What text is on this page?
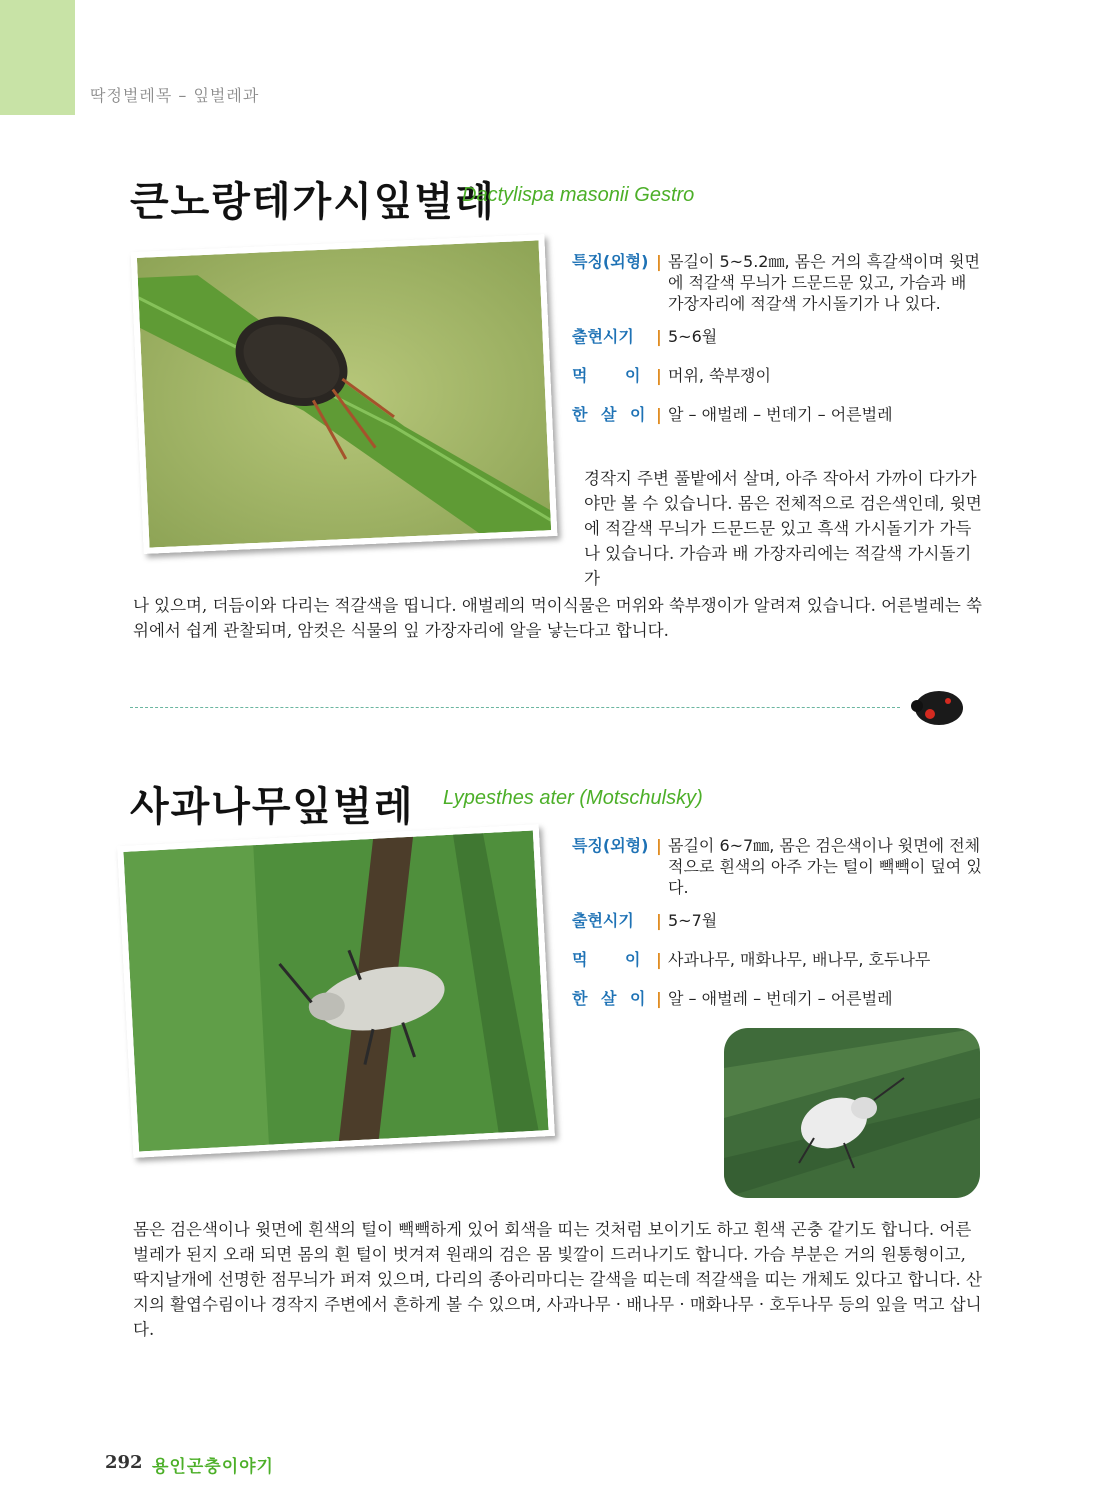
딱정벌레목 – 잎벌레과
큰노랑테가시잎벌레
Dactylispa masonii Gestro
특징(외형) | 몸길이 5~5.2㎜, 몸은 거의 흑갈색이며 윗면에 적갈색 무늬가 드문드문 있고, 가슴과 배 가장자리에 적갈색 가시돌기가 나 있다.
출현시기	| 5~6월
먹 이 | 머위, 쑥부쟁이
한 살 이 | 알 – 애벌레 – 번데기 – 어른벌레
경작지 주변 풀밭에서 살며, 아주 작아서 가까이 다가가야만 볼 수 있습니다. 몸은 전체적으로 검은색인데, 윗면에 적갈색 무늬가 드문드문 있고 흑색 가시돌기가 가득 나 있습니다. 가슴과 배 가장자리에는 적갈색 가시돌기가
나 있으며, 더듬이와 다리는 적갈색을 띱니다. 애벌레의 먹이식물은 머위와 쑥부쟁이가 알려져 있습니다. 어른벌레는 쑥 위에서 쉽게 관찰되며, 암컷은 식물의 잎 가장자리에 알을 낳는다고 합니다.
사과나무잎벌레 Lypesthes ater (Motschulsky)
특징(외형) | 몸길이 6~7㎜, 몸은 검은색이나 윗면에 전체적으로 흰색의 아주 가는 털이 빽빽이 덮여 있다.
출현시기	| 5~7월
먹 이 | 사과나무, 매화나무, 배나무, 호두나무
한 살 이 | 알 – 애벌레 – 번데기 – 어른벌레
몸은 검은색이나 윗면에 흰색의 털이 빽빽하게 있어 회색을 띠는 것처럼 보이기도 하고 흰색 곤충 같기도 합니다. 어른벌레가 된지 오래 되면 몸의 흰 털이 벗겨져 원래의 검은 몸 빛깔이 드러나기도 합니다. 가슴 부분은 거의 원통형이고, 딱지날개에 선명한 점무늬가 퍼져 있으며, 다리의 종아리마디는 갈색을 띠는데 적갈색을 띠는 개체도 있다고 합니다. 산지의 활엽수림이나 경작지 주변에서 흔하게 볼 수 있으며, 사과나무 · 배나무 · 매화나무 · 호두나무 등의 잎을 먹고 삽니다.
292 용인곤충이야기
